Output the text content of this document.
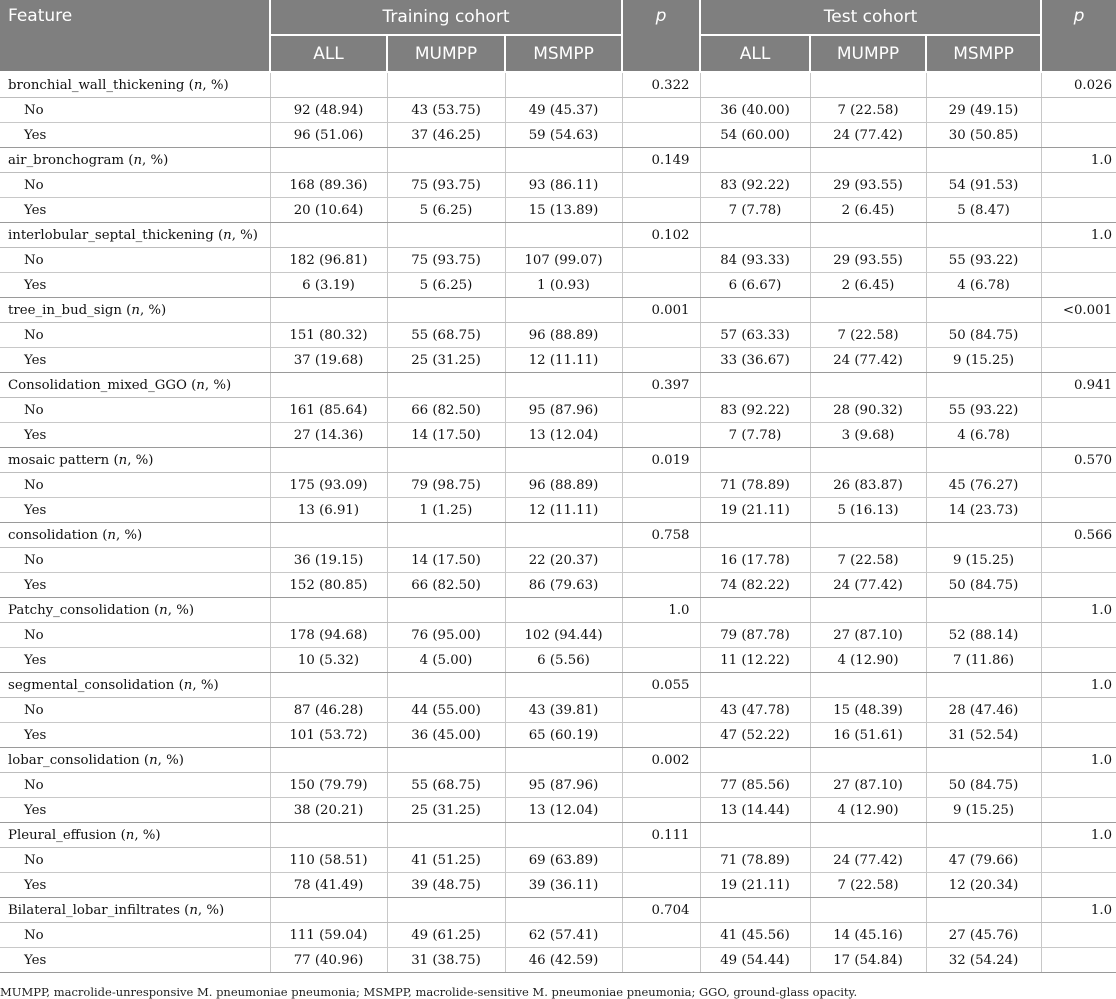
Feature	Training cohort			p	Test cohort			p
	ALL	MUMPP	MSMPP		ALL	MUMPP	MSMPP	
bronchial_wall_thickening (n, %)				0.322				0.026
No	92 (48.94)	43 (53.75)	49 (45.37)		36 (40.00)	7 (22.58)	29 (49.15)	
Yes	96 (51.06)	37 (46.25)	59 (54.63)		54 (60.00)	24 (77.42)	30 (50.85)	
air_bronchogram (n, %)				0.149				1.0
No	168 (89.36)	75 (93.75)	93 (86.11)		83 (92.22)	29 (93.55)	54 (91.53)	
Yes	20 (10.64)	5 (6.25)	15 (13.89)		7 (7.78)	2 (6.45)	5 (8.47)	
interlobular_septal_thickening (n, %)				0.102				1.0
No	182 (96.81)	75 (93.75)	107 (99.07)		84 (93.33)	29 (93.55)	55 (93.22)	
Yes	6 (3.19)	5 (6.25)	1 (0.93)		6 (6.67)	2 (6.45)	4 (6.78)	
tree_in_bud_sign (n, %)				0.001				<0.001
No	151 (80.32)	55 (68.75)	96 (88.89)		57 (63.33)	7 (22.58)	50 (84.75)	
Yes	37 (19.68)	25 (31.25)	12 (11.11)		33 (36.67)	24 (77.42)	9 (15.25)	
Consolidation_mixed_GGO (n, %)				0.397				0.941
No	161 (85.64)	66 (82.50)	95 (87.96)		83 (92.22)	28 (90.32)	55 (93.22)	
Yes	27 (14.36)	14 (17.50)	13 (12.04)		7 (7.78)	3 (9.68)	4 (6.78)	
mosaic pattern (n, %)				0.019				0.570
No	175 (93.09)	79 (98.75)	96 (88.89)		71 (78.89)	26 (83.87)	45 (76.27)	
Yes	13 (6.91)	1 (1.25)	12 (11.11)		19 (21.11)	5 (16.13)	14 (23.73)	
consolidation (n, %)				0.758				0.566
No	36 (19.15)	14 (17.50)	22 (20.37)		16 (17.78)	7 (22.58)	9 (15.25)	
Yes	152 (80.85)	66 (82.50)	86 (79.63)		74 (82.22)	24 (77.42)	50 (84.75)	
Patchy_consolidation (n, %)				1.0				1.0
No	178 (94.68)	76 (95.00)	102 (94.44)		79 (87.78)	27 (87.10)	52 (88.14)	
Yes	10 (5.32)	4 (5.00)	6 (5.56)		11 (12.22)	4 (12.90)	7 (11.86)	
segmental_consolidation (n, %)				0.055				1.0
No	87 (46.28)	44 (55.00)	43 (39.81)		43 (47.78)	15 (48.39)	28 (47.46)	
Yes	101 (53.72)	36 (45.00)	65 (60.19)		47 (52.22)	16 (51.61)	31 (52.54)	
lobar_consolidation (n, %)				0.002				1.0
No	150 (79.79)	55 (68.75)	95 (87.96)		77 (85.56)	27 (87.10)	50 (84.75)	
Yes	38 (20.21)	25 (31.25)	13 (12.04)		13 (14.44)	4 (12.90)	9 (15.25)	
Pleural_effusion (n, %)				0.111				1.0
No	110 (58.51)	41 (51.25)	69 (63.89)		71 (78.89)	24 (77.42)	47 (79.66)	
Yes	78 (41.49)	39 (48.75)	39 (36.11)		19 (21.11)	7 (22.58)	12 (20.34)	
Bilateral_lobar_infiltrates (n, %)				0.704				1.0
No	111 (59.04)	49 (61.25)	62 (57.41)		41 (45.56)	14 (45.16)	27 (45.76)	
Yes	77 (40.96)	31 (38.75)	46 (42.59)		49 (54.44)	17 (54.84)	32 (54.24)	
MUMPP, macrolide-unresponsive M. pneumoniae pneumonia; MSMPP, macrolide-sensitive M. pneumoniae pneumonia; GGO, ground-glass opacity.
